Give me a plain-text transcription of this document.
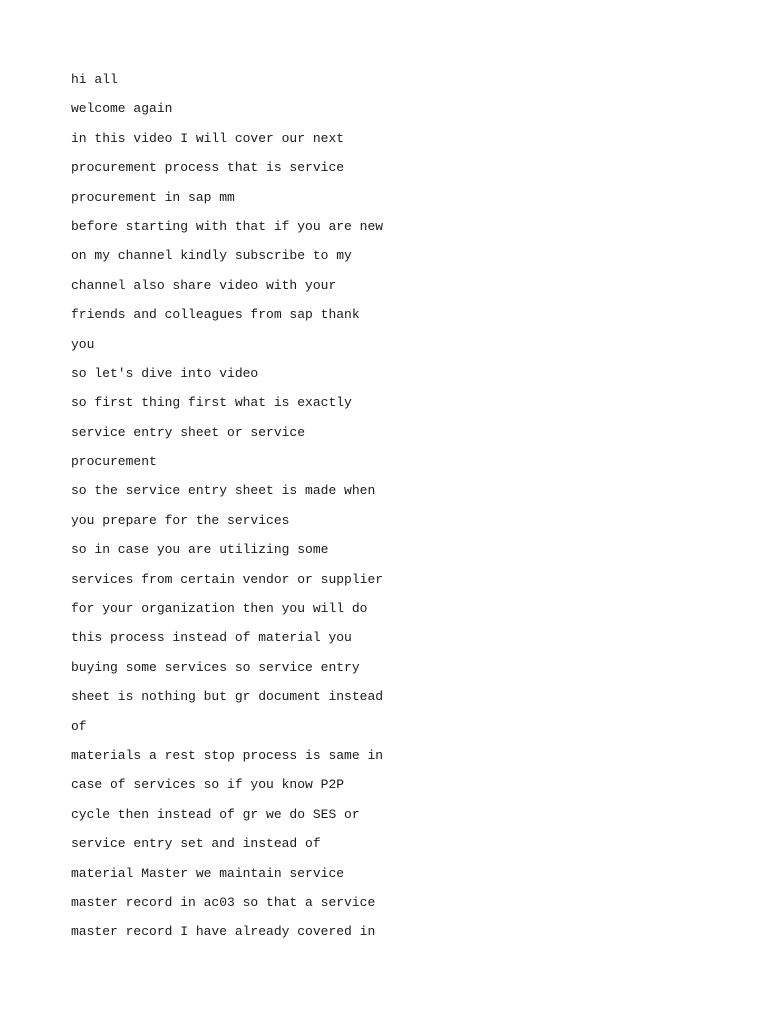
hi all
welcome again
in this video I will cover our next
procurement process that is service
procurement in sap mm
before starting with that if you are new
on my channel kindly subscribe to my
channel also share video with your
friends and colleagues from sap thank
you
so let's dive into video
so first thing first what is exactly
service entry sheet or service
procurement
so the service entry sheet is made when
you prepare for the services
so in case you are utilizing some
services from certain vendor or supplier
for your organization then you will do
this process instead of material you
buying some services so service entry
sheet is nothing but gr document instead
of
materials a rest stop process is same in
case of services so if you know P2P
cycle then instead of gr we do SES or
service entry set and instead of
material Master we maintain service
master record in ac03 so that a service
master record I have already covered in
